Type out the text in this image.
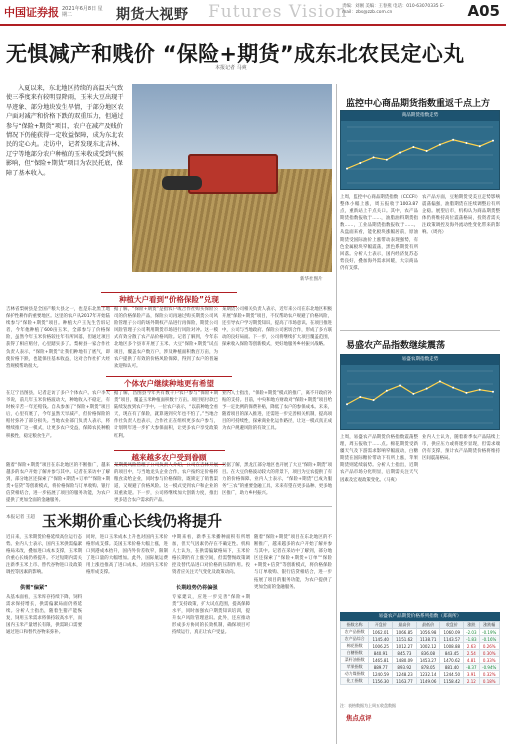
中国证券报 2021年6月8日 星期二	期货大视野 Futures Vision
责编：刘刚 美编：王春燕 电话：010-63070335 E-mail：zbs@zzb.com.cn	A05
无惧减产和贱价 “保险+期货”成东北农民定心丸
本报记者 马爽
入夏以来，东北地区持续的高温天气致使三季度来有较明显降雨，玉米大豆出现干旱迹象、部分地块发生旱情，于部分地区农户面对减产和价格下跌的双重压力，但通过参与“保险+期货”项目，农户在减产及贱价情况下仍能获得一定收益保障，成为东北农民的定心丸。走访中，记者发现东北吉林、辽宁等地部分农户种植的玉米收成受到气候影响，但“保险+期货”项目为农民托底，保障了基本收入。
新华社图片
种植大户看到“价格保险”兑现
吉林省梨树县是全国产粮大县之一，也是东北黑土地保护性耕作的重要地区。这里的农户从2017年开始陆续参与“保险+期货”项目。种植大户王先生告诉记者，今年他种植了600亩玉米，全部参与了价格保险，虽然今年玉米价格较往年有所回落，但通过项目获得了相应赔付，心里踏实多了。梨树县一家合作社负责人表示，“保险+期货”让我们种地有了底气，即使价格下跌，也能保住基本收益，这对合作社扩大经营规模帮助很大。
据了解，“保险+期货”是指农户或合作社购买保险公司的价格保险产品，保险公司再通过购买期货公司风险管理子公司的场外期权产品进行再保险，期货公司风险管理子公司利用期货市场进行风险对冲。这一模式有效分散了农产品价格风险。记者了解到，今年东北地区多个县市开展了玉米、大豆“保险+期货”试点项目，覆盖农户数万户，涉及种植面积数百万亩，为农户提供了有效的价格风险保障，得到了农户的普遍欢迎和认可。
某期货公司相关负责人表示，近年来公司在东北地区积极开展“保险+期货”项目，不仅帮助农户规避了价格风险，还引导农户学习期货知识，提高了市场意识。在项目推进中，公司与当地政府、保险公司密切合作，形成了多方联动的良好局面。下一步，公司将继续扩大项目覆盖范围，探索收入保险等创新模式，更好地服务乡村振兴战略。
个体农户继续种地更有希望
在辽宁昌图县，记者走访了多户个体农户。农户李大爷说，前几年玉米价格波动大，种地收入不稳定，有时候辛苦一年还赔钱。自从参加了“保险+期货”项目后，心里有底了，今年虽然天旱减产，但价格保险的赔付弥补了部分损失。当地农业部门负责人表示，将继续推广这一模式，让更多农户受益，保障农民种粮积极性，稳定粮食生产。
据了解，昌图县今年共有数千户农户参与“保险+期货”项目，覆盖玉米种植面积数十万亩。项目赔付款已陆续发放到农户手中。一位农户表示，“以前种地全看天，现在有了保险，就算遇到灾年也不怕了。”当地合作社负责人也表示，合作社正在组织更多农户参与，计划明年进一步扩大参保面积，让更多农户享受政策红利。
业内人士指出，“保险+期货”模式的推广，离不开政府补贴的支持。目前，中央和地方财政对“保险+期货”项目给予一定比例的保费补贴，降低了农户的参保成本。未来，随着项目的深入推进，还需进一步完善相关机制，提高项目的可持续性，探索商业化运作路径，让这一模式真正成为农户规避风险的有效工具。
越来越多农户受到眷顾
随着“保险+期货”项目在东北地区的不断推广，越来越多的农户开始了解并参与其中。记者在采访中了解到，部分地区还探索了“保险+期货+订单”“保险+期货+信贷”等创新模式，将价格保险与订单收购、银行信贷相结合，进一步拓展了项目的服务功能，为农户提供了更加全面的金融服务。
某期货风险管理子公司负责人介绍，公司在吉林开展的项目中，与当地龙头企业合作，农户按约定价格将粮食卖给企业，同时参与价格保险，既锁定了销售渠道，又规避了价格风险。这一模式受到农户和企业的双重欢迎。下一步，公司将继续加大创新力度，推出更多适合农户需求的产品。
另据了解，黑龙江部分地区也开展了大豆“保险+期货”项目。在大豆价格波动较大的背景下，项目为豆农提供了有力的价格保障。业内人士表示，“保险+期货”已成为服务“三农”的重要金融工具，未来有望在更多品种、更多地区推广，助力乡村振兴。
本报记者 王超 玉米期价重心长线仍将提升
近日来，玉米期货价格延续高位运行态势。业内人士表示，国内玉米供需偏紧格局未改，叠加进口成本支撑，玉米期价重心长线仍将提升。不过短期内需关注新季玉米上市、替代谷物进口及政策调控等因素的影响。
供需“偏紧”
从基本面看，玉米库存持续下降，饲料需求保持增长，供需偏紧局面仍将延续。分析人士指出，随着生猪产能恢复，饲用玉米需求将保持较高水平，而国内玉米产量增长有限，供需缺口需要通过进口和替代谷物来弥补。
同时，进口玉米成本上升也对国内玉米价格形成支撑。美国玉米价格大幅上涨，进口到港成本抬升，国内外价差收窄，限制了进口量的大幅增加。此外，国际航运费用上涨也推高了进口成本，对国内玉米价格形成支撑。
长期趋势仍将偏强
中期来看，新季玉米播种面积有所增加，但天气因素仍存在不确定性。机构人士认为，在供需偏紧格局下，玉米价格长期仍有上涨空间，但需警惕政策调控及替代品进口对价格的压制作用。投资者应关注天气变化及政策动向。
专家建议，应进一步完善“保险+期货”支持政策，扩大试点范围，提高保障水平，同时加强农户期货知识培训，提升农户风险管理意识。此外，还应推动形成多方协同的长效机制，确保项目可持续运行，真正让农户受益。
随着“保险+期货”项目在东北地区的不断推广，越来越多的农户开始了解并参与其中。记者在采访中了解到，部分地区还探索了“保险+期货+订单”“保险+期货+信贷”等创新模式，将价格保险与订单收购、银行信贷相结合，进一步拓展了项目的服务功能，为农户提供了更加全面的金融服务。
监控中心商品期货指数重返千点上方
商品期货指数走势
上周，监控中心商品期货指数（CCCFI）整体小幅上涨，周五报收于1003.87点，重新站上千点关口。其中，农产品期货指数报收于……，油脂油料期货指数……，工业品期货指数报收于……。从盘面来看，能化板块涨幅居前，原油期货受国际油价上涨带动表现强势，有色金属板块窄幅震荡，黑色系期货有所回落。分析人士表示，国内经济复苏态势良好，叠加海外需求回暖，大宗商品仍有支撑。
农产品方面，豆粕期货受美豆走势影响震荡偏强，油脂期货在连续调整后有所企稳。展望后市，机构认为商品期货整体仍将维持高位震荡格局，投资者需关注政策调控及海外流动性变化带来的影响。（周亮）
易盛农产品指数继续震荡
易盛农期指数走势
上周，易盛农产品期货价格指数震荡整理，周五报收于……点。棉花期货受新疆天气及下游需求影响窄幅波动，白糖期货在国际糖价带动下有所上涨，苹果期货则延续弱势。分析人士指出，近期农产品市场分化明显，后期需关注天气因素及宏观政策变化。（马爽）
业内人士认为，随着新季农产品陆续上市，供应压力或将逐步显现，但需求端仍有支撑，预计农产品期货价格将维持区间震荡格局。
易盛农产品期货价格系列指数（郑商所）
指数名称	开盘价	最高价	最低价	收盘价	涨跌	涨跌幅
农产品指数	1062.01	1066.85	1056.98	1060.09	-2.03	-0.19%
农产品综合	1145.40	1151.62	1138.71	1143.57	-1.83	-0.16%
棉花指数	1006.25	1012.27	1002.12	1008.88	2.63	0.26%
白糖指数	840.91	845.73	836.08	843.45	2.54	0.30%
菜籽油指数	1465.81	1480.09	1453.27	1470.62	4.81	0.33%
苹果指数	889.77	893.92	878.05	881.40	-8.37	-0.94%
动力煤指数	1240.59	1248.23	1232.14	1244.50	3.91	0.32%
化工指数	1156.30	1163.77	1149.06	1158.42	2.12	0.18%
注：表格数据为上周五收盘数据
焦点点评
